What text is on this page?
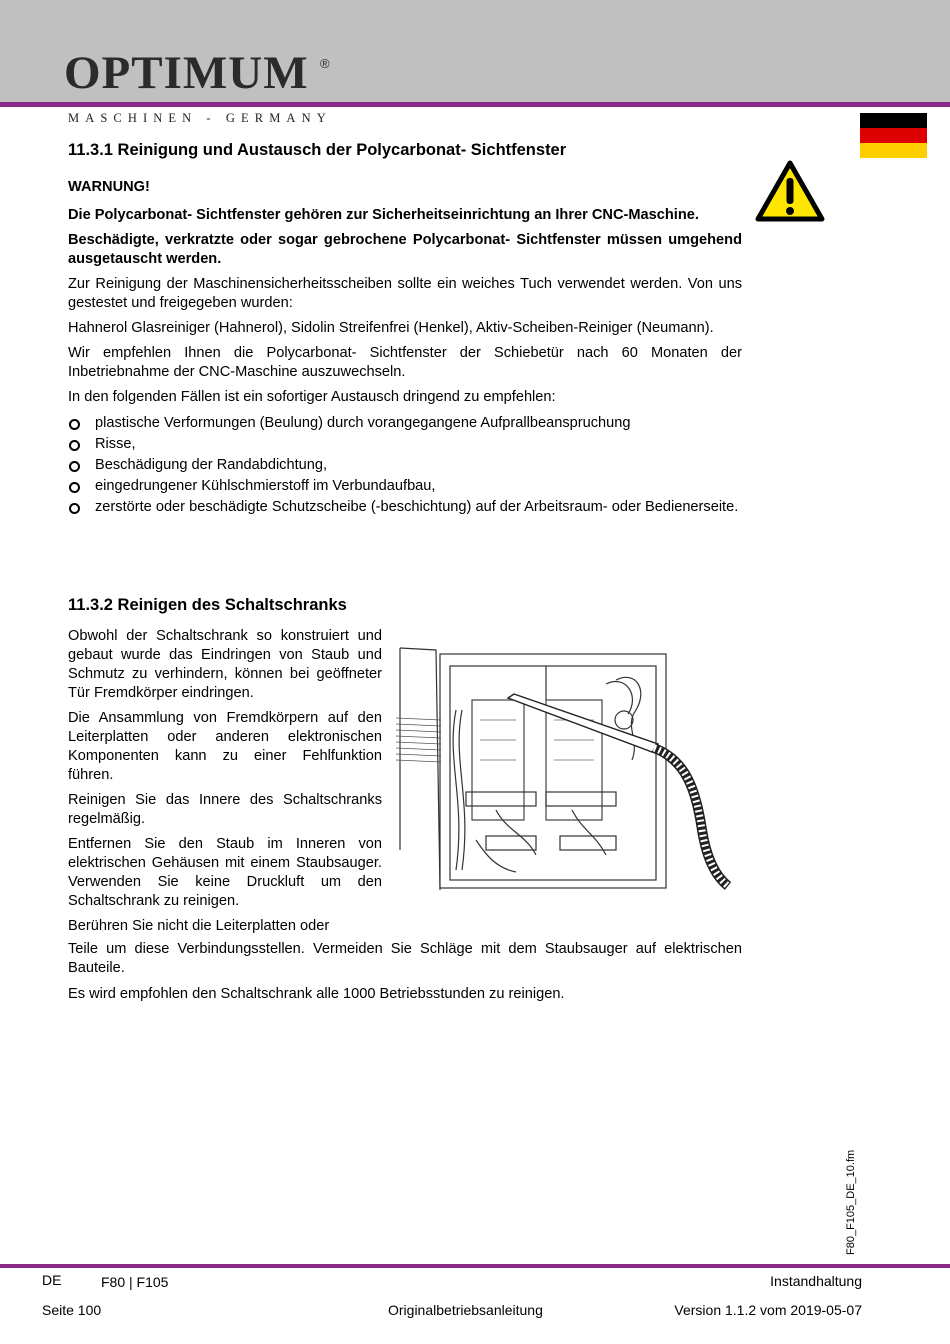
OPTIMUM ®
MASCHINEN - GERMANY
11.3.1 Reinigung und Austausch der Polycarbonat- Sichtfenster

WARNUNG!

Die Polycarbonat- Sichtfenster gehören zur Sicherheitseinrichtung an Ihrer CNC-Maschine.

Beschädigte, verkratzte oder sogar gebrochene Polycarbonat- Sichtfenster müssen umgehend ausgetauscht werden.

Zur Reinigung der Maschinensicherheitsscheiben sollte ein weiches Tuch verwendet werden. Von uns gestestet und freigegeben wurden:

Hahnerol Glasreiniger (Hahnerol), Sidolin Streifenfrei (Henkel), Aktiv-Scheiben-Reiniger (Neumann).

Wir empfehlen Ihnen die Polycarbonat- Sichtfenster der Schiebetür nach 60 Monaten der Inbetriebnahme der CNC-Maschine auszuwechseln.

In den folgenden Fällen ist ein sofortiger Austausch dringend zu empfehlen:

plastische Verformungen (Beulung) durch vorangegangene Aufprallbeanspruchung
Risse,
Beschädigung der Randabdichtung,
eingedrungener Kühlschmierstoff im Verbundaufbau,
zerstörte oder beschädigte Schutzscheibe (-beschichtung) auf der Arbeitsraum- oder Bedienerseite.
11.3.2 Reinigen des Schaltschranks

Obwohl der Schaltschrank so konstruiert und gebaut wurde das Eindringen von Staub und Schmutz zu verhindern, können bei geöffneter Tür Fremdkörper eindringen.

Die Ansammlung von Fremdkörpern auf den Leiterplatten oder anderen elektronischen Komponenten kann zu einer Fehlfunktion führen.

Reinigen Sie das Innere des Schaltschranks regelmäßig.

Entfernen Sie den Staub im Inneren von elektrischen Gehäusen mit einem Staubsauger. Verwenden Sie keine Druckluft um den Schaltschrank zu reinigen.

Berühren Sie nicht die Leiterplatten oder

Teile um diese Verbindungsstellen. Vermeiden Sie Schläge mit dem Staubsauger auf elektrischen Bauteile.
Es wird empfohlen den Schaltschrank alle 1000 Betriebsstunden zu reinigen.
F80_F105_DE_10.fm
DE	F80 | F105	Instandhaltung
Seite 100	Originalbetriebsanleitung	Version 1.1.2 vom 2019-05-07
